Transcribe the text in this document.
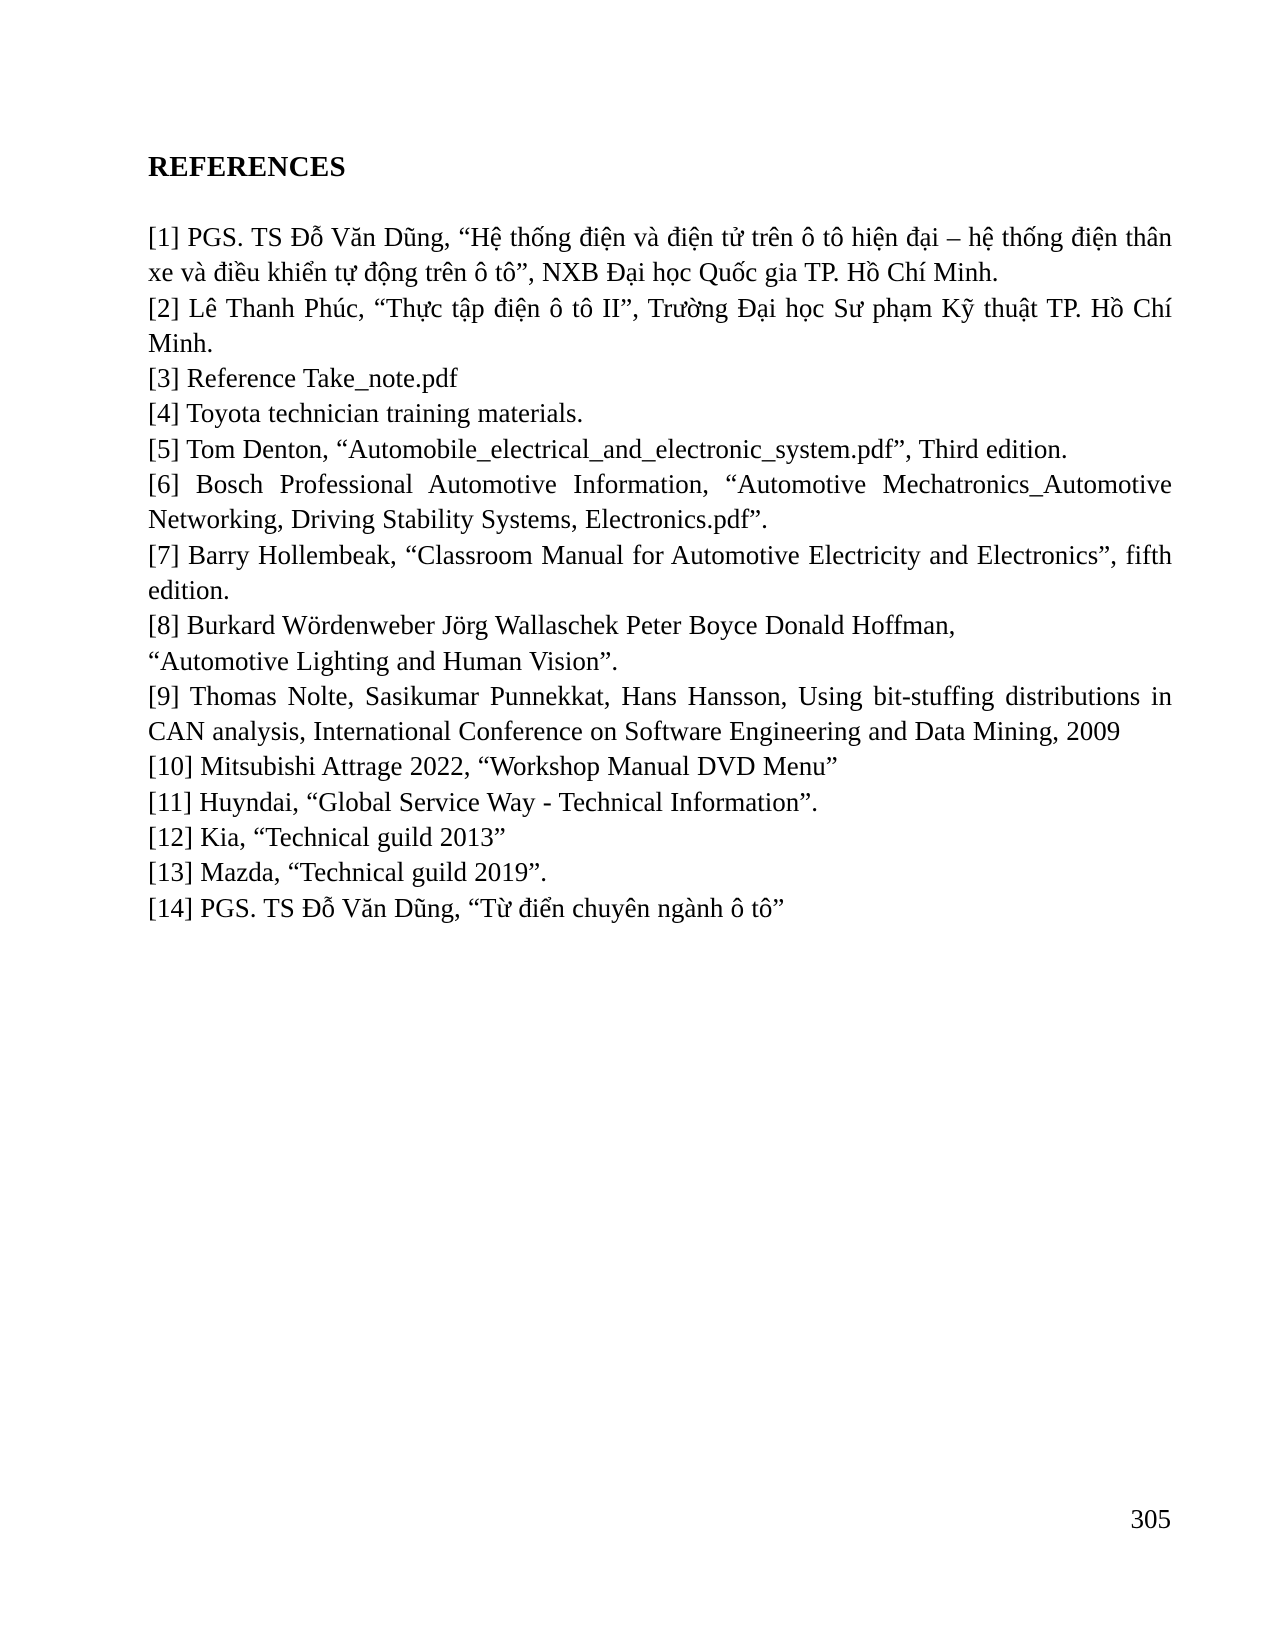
REFERENCES

[1] PGS. TS Đỗ Văn Dũng, “Hệ thống điện và điện tử trên ô tô hiện đại – hệ thống điện thân xe và điều khiển tự động trên ô tô”, NXB Đại học Quốc gia TP. Hồ Chí Minh.

[2] Lê Thanh Phúc, “Thực tập điện ô tô II”, Trường Đại học Sư phạm Kỹ thuật TP. Hồ Chí Minh.

[3] Reference Take_note.pdf

[4] Toyota technician training materials.

[5] Tom Denton, “Automobile_electrical_and_electronic_system.pdf”, Third edition.

[6] Bosch Professional Automotive Information, “Automotive Mechatronics_Automotive Networking, Driving Stability Systems, Electronics.pdf”.

[7] Barry Hollembeak, “Classroom Manual for Automotive Electricity and Electronics”, fifth edition.

[8] Burkard Wördenweber Jörg Wallaschek Peter Boyce Donald Hoffman,
“Automotive Lighting and Human Vision”.

[9] Thomas Nolte, Sasikumar Punnekkat, Hans Hansson, Using bit-stuffing distributions in CAN analysis, International Conference on Software Engineering and Data Mining, 2009

[10] Mitsubishi Attrage 2022, “Workshop Manual DVD Menu”

[11] Huyndai, “Global Service Way - Technical Information”.

[12] Kia, “Technical guild 2013”

[13] Mazda, “Technical guild 2019”.

[14] PGS. TS Đỗ Văn Dũng, “Từ điển chuyên ngành ô tô”

305
